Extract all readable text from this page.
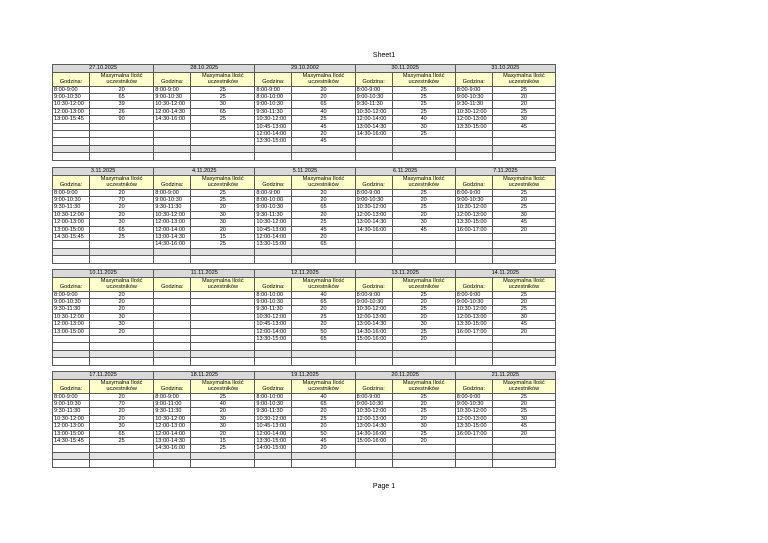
Sheet1
27.10.2025		28.10.2025		29.10.2002		30.11.2025		31.10.2025	
Godzina:	Maxymalna Ilość uczestników	Godzina:	Maxymalna Ilość uczestników	Godzina:	Maxymalna Ilość uczestników	Godzina:	Maxymalna Ilość uczestników	Godzina:	Maxymalna Ilość uczestników
8:00-9:00	20	8:00-9:00	25	8:00-9:00	20	8:00-9:00	25	8:00-9:00	25
9:00-10:30	65	9:00-10:30	25	8:00-10:00	20	9:00-10:30	25	9:00-10:30	20
10:30-12:00	39	10:30-12:00	30	9:00-10:30	65	9:30-11:30	25	9:30-11:30	20
12:00-13:00	26	12:00-14:30	65	9:30-11:30	40	10:30-12:00	25	10:30-12:00	25
13:00-15:45	90	14:30-16:00	25	10:30-12:00	25	12:00-14:00	40	12:00-13:00	30
				10:45-13:00	45	13:00-14:30	30	13:30-15:00	45
				12:00-14:00	20	14:30-16:00	25		
				13:30-15:00	45				

3.11.2025		4.11.2025		5.11.2025		6.11.2025		7.11.2025	
Godzina:	Maxymalna Ilość uczestników	Godzina:	Maxymalna Ilość uczestników	Godzina:	Maxymalna Ilość uczestników	Godzina:	Maxymalna Ilość uczestników	Godzina:	Maxymalna Ilość uczestników
8:00-9:00	20	8:00-9:00	25	8:00-9:00	20	8:00-9:00	25	8:00-9:00	25
9:00-10:30	70	9:00-10:30	25	8:00-10:00	20	9:00-10:30	20	9:00-10:30	20
9:30-11:30	20	9:30-11:30	20	9:00-10:30	65	10:30-12:00	25	10:30-12:00	25
10:30-12:00	20	10:30-12:00	30	9:30-11:30	20	12:00-13:00	20	12:00-13:00	30
12:00-13:00	30	12:00-13:00	30	10:30-12:00	25	13:00-14:30	30	13:30-15:00	45
13:00-15:00	65	12:00-14:00	20	10:45-13:00	45	14:30-16:00	45	16:00-17:00	20
14:30-15:45	25	13:00-14:30	15	12:00-14:00	20				
		14:30-16:00	25	13:30-15:00	65				

10.11.2025		11.11.2025		12.11.2025		13.11.2025		14.11.2025	
Godzina:	Maxymalna Ilość uczestników	Godzina:	Maxymalna Ilość uczestników	Godzina:	Maxymalna Ilość uczestników	Godzina:	Maxymalna Ilość uczestników	Godzina:	Maxymalna Ilość uczestników
8:00-9:00	20			8:00-10:00	40	8:00-9:00	25	8:00-9:00	25
9:00-10:30	20			9:00-10:30	65	9:00-10:30	20	9:00-10:30	20
9:30-11:30	20			9:30-11:30	20	10:30-12:00	25	10:30-12:00	25
10:30-12:00	30			10:30-12:00	25	12:00-13:00	20	12:00-13:00	30
12:00-13:00	30			10:45-13:00	20	13:00-14:30	30	13:30-15:00	45
13:00-15:00	20			12:00-14:00	50	14:30-16:00	25	16:00-17:00	20
				13:30-15:00	65	15:00-16:00	20		

17.11.2025		18.11.2025		19.11.2025		20.11.2025		21.11.2025	
Godzina:	Maxymalna Ilość uczestników	Godzina:	Maxymalna Ilość uczestników	Godzina:	Maxymalna Ilość uczestników	Godzina:	Maxymalna Ilość uczestników	Godzina:	Maxymalna Ilość uczestników
8:00-9:00	20	8:00-9:00	25	8:00-10:00	40	8:00-9:00	25	8:00-9:00	25
9:00-10:30	70	9:00-11:00	40	9:00-10:30	65	9:00-10:30	20	9:00-10:30	20
9:30-11:30	20	9:30-11:30	20	9:30-11:30	20	10:30-12:00	25	10:30-12:00	25
10:30-12:00	20	10:30-12:00	30	10:30-12:00	25	12:00-13:00	20	12:00-13:00	30
12:00-13:00	30	12:00-13:00	30	10:45-13:00	20	13:00-14:30	30	13:30-15:00	45
13:00-15:00	65	12:00-14:00	20	12:00-14:00	50	14:30-16:00	25	16:00-17:00	20
14:30-15:45	25	13:00-14:30	15	13:30-15:00	45	15:00-16:00	20		
		14:30-16:00	25	14:00-15:00	20				

Page 1
